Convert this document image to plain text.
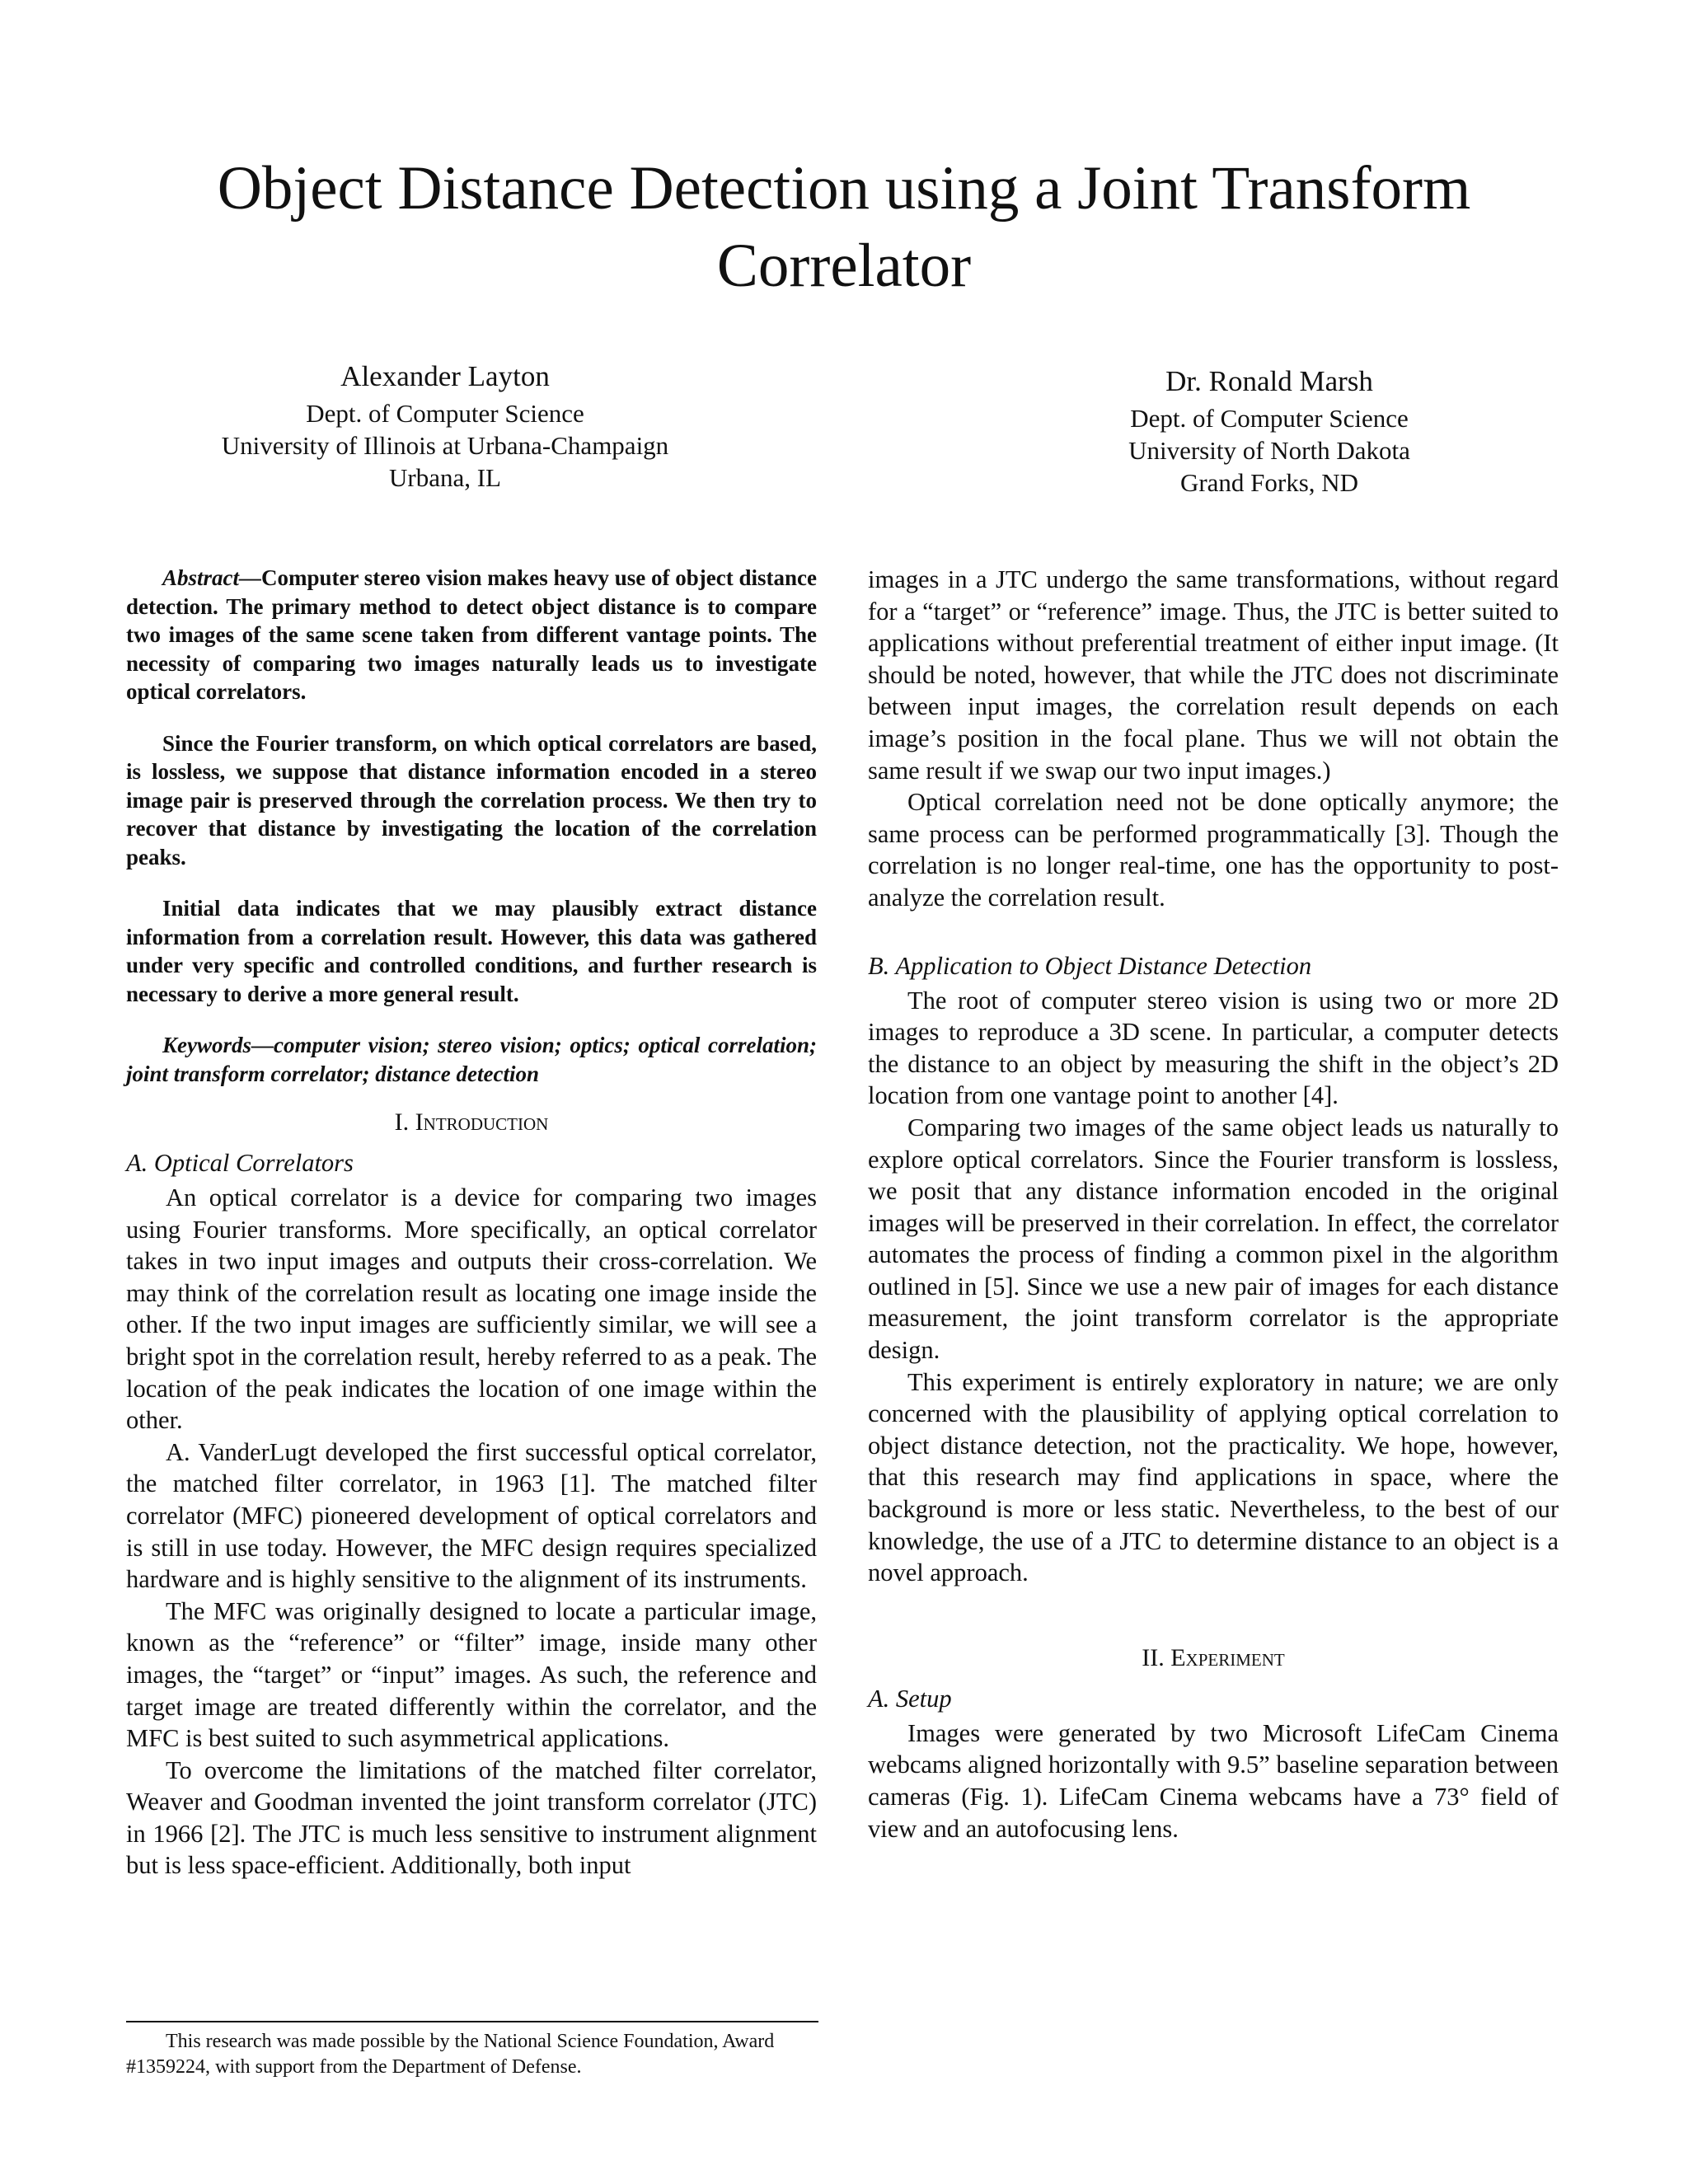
Object Distance Detection using a Joint Transform Correlator
Alexander Layton
Dept. of Computer Science
University of Illinois at Urbana-Champaign
Urbana, IL
Dr. Ronald Marsh
Dept. of Computer Science
University of North Dakota
Grand Forks, ND

Abstract—Computer stereo vision makes heavy use of object distance detection. The primary method to detect object distance is to compare two images of the same scene taken from different vantage points. The necessity of comparing two images naturally leads us to investigate optical correlators.

Since the Fourier transform, on which optical correlators are based, is lossless, we suppose that distance information encoded in a stereo image pair is preserved through the correlation process. We then try to recover that distance by investigating the location of the correlation peaks.

Initial data indicates that we may plausibly extract distance information from a correlation result. However, this data was gathered under very specific and controlled conditions, and further research is necessary to derive a more general result.

Keywords—computer vision; stereo vision; optics; optical correlation; joint transform correlator; distance detection

I. Introduction
A. Optical Correlators

An optical correlator is a device for comparing two images using Fourier transforms. More specifically, an optical correlator takes in two input images and outputs their cross-correlation. We may think of the correlation result as locating one image inside the other. If the two input images are sufficiently similar, we will see a bright spot in the correlation result, hereby referred to as a peak. The location of the peak indicates the location of one image within the other.

A. VanderLugt developed the first successful optical correlator, the matched filter correlator, in 1963 [1]. The matched filter correlator (MFC) pioneered development of optical correlators and is still in use today. However, the MFC design requires specialized hardware and is highly sensitive to the alignment of its instruments.

The MFC was originally designed to locate a particular image, known as the “reference” or “filter” image, inside many other images, the “target” or “input” images. As such, the reference and target image are treated differently within the correlator, and the MFC is best suited to such asymmetrical applications.

To overcome the limitations of the matched filter correlator, Weaver and Goodman invented the joint transform correlator (JTC) in 1966 [2]. The JTC is much less sensitive to instrument alignment but is less space-efficient. Additionally, both input

images in a JTC undergo the same transformations, without regard for a “target” or “reference” image. Thus, the JTC is better suited to applications without preferential treatment of either input image. (It should be noted, however, that while the JTC does not discriminate between input images, the correlation result depends on each image’s position in the focal plane. Thus we will not obtain the same result if we swap our two input images.)

Optical correlation need not be done optically anymore; the same process can be performed programmatically [3]. Though the correlation is no longer real-time, one has the opportunity to post-analyze the correlation result.

B. Application to Object Distance Detection

The root of computer stereo vision is using two or more 2D images to reproduce a 3D scene. In particular, a computer detects the distance to an object by measuring the shift in the object’s 2D location from one vantage point to another [4].

Comparing two images of the same object leads us naturally to explore optical correlators. Since the Fourier transform is lossless, we posit that any distance information encoded in the original images will be preserved in their correlation. In effect, the correlator automates the process of finding a common pixel in the algorithm outlined in [5]. Since we use a new pair of images for each distance measurement, the joint transform correlator is the appropriate design.

This experiment is entirely exploratory in nature; we are only concerned with the plausibility of applying optical correlation to object distance detection, not the practicality. We hope, however, that this research may find applications in space, where the background is more or less static. Nevertheless, to the best of our knowledge, the use of a JTC to determine distance to an object is a novel approach.

II. Experiment
A. Setup

Images were generated by two Microsoft LifeCam Cinema webcams aligned horizontally with 9.5” baseline separation between cameras (Fig. 1). LifeCam Cinema webcams have a 73° field of view and an autofocusing lens.

This research was made possible by the National Science Foundation, Award #1359224, with support from the Department of Defense.
